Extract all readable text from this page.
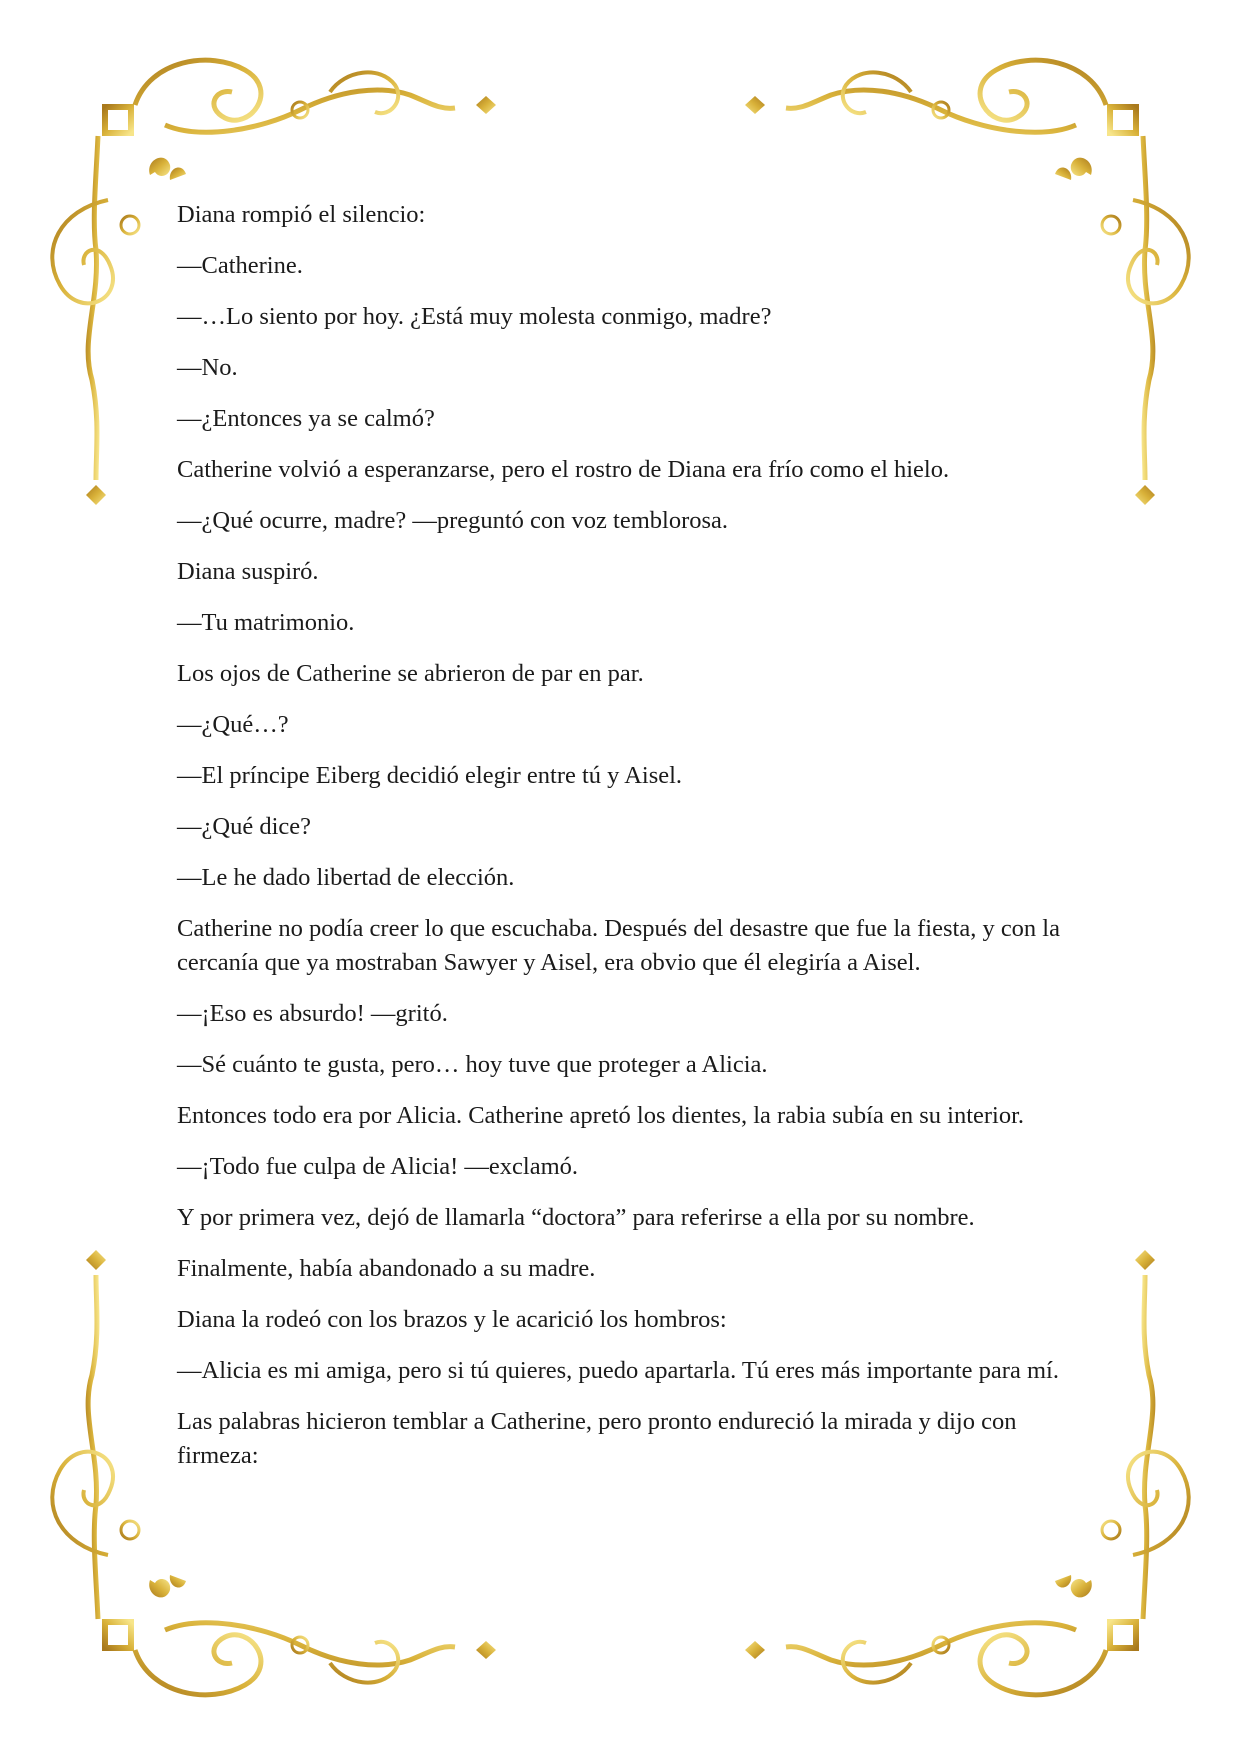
Diana rompió el silencio:

—Catherine.

—…Lo siento por hoy. ¿Está muy molesta conmigo, madre?

—No.

—¿Entonces ya se calmó?

Catherine volvió a esperanzarse, pero el rostro de Diana era frío como el hielo.

—¿Qué ocurre, madre? —preguntó con voz temblorosa.

Diana suspiró.

—Tu matrimonio.

Los ojos de Catherine se abrieron de par en par.

—¿Qué…?

—El príncipe Eiberg decidió elegir entre tú y Aisel.

—¿Qué dice?

—Le he dado libertad de elección.

Catherine no podía creer lo que escuchaba. Después del desastre que fue la fiesta, y con la cercanía que ya mostraban Sawyer y Aisel, era obvio que él elegiría a Aisel.

—¡Eso es absurdo! —gritó.

—Sé cuánto te gusta, pero… hoy tuve que proteger a Alicia.

Entonces todo era por Alicia. Catherine apretó los dientes, la rabia subía en su interior.

—¡Todo fue culpa de Alicia! —exclamó.

Y por primera vez, dejó de llamarla “doctora” para referirse a ella por su nombre.

Finalmente, había abandonado a su madre.

Diana la rodeó con los brazos y le acarició los hombros:

—Alicia es mi amiga, pero si tú quieres, puedo apartarla. Tú eres más importante para mí.

Las palabras hicieron temblar a Catherine, pero pronto endureció la mirada y dijo con firmeza:
